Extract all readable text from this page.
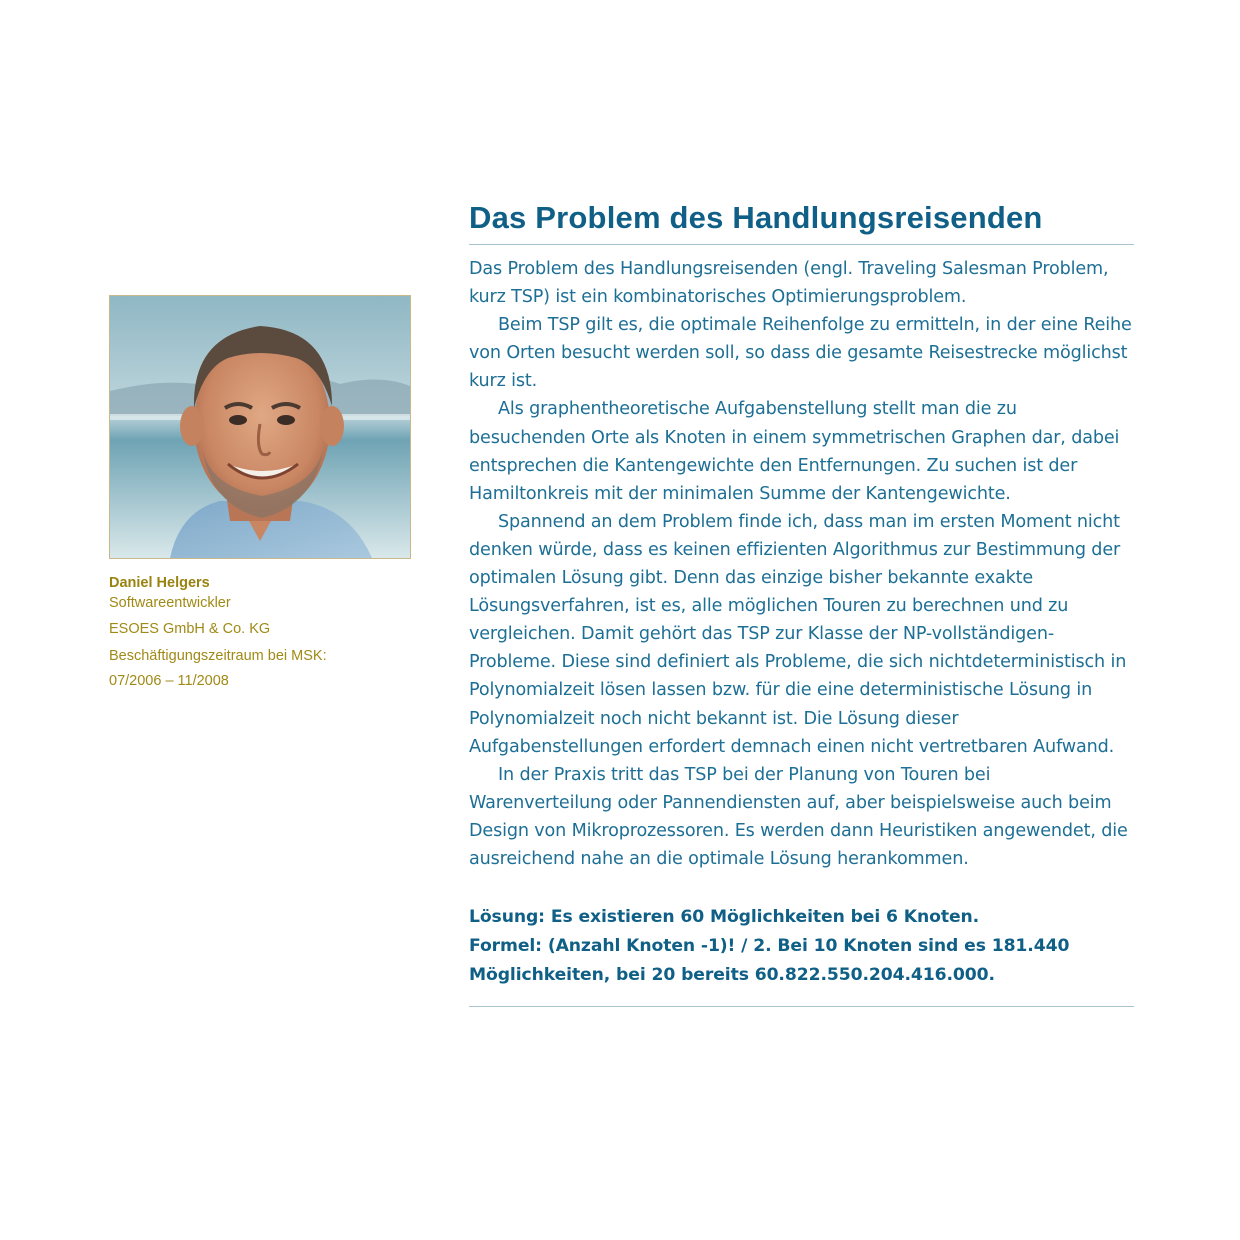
Daniel Helgers
Softwareentwickler
ESOES GmbH & Co. KG
Beschäftigungszeitraum bei MSK:
07/2006 – 11/2008
Das Problem des Handlungsreisenden

Das Problem des Handlungsreisenden (engl. Traveling Salesman Problem, kurz TSP) ist ein kombinatorisches Optimierungsproblem.

Beim TSP gilt es, die optimale Reihenfolge zu ermitteln, in der eine Reihe von Orten besucht werden soll, so dass die gesamte Reisestrecke möglichst kurz ist.

Als graphentheoretische Aufgabenstellung stellt man die zu besuchenden Orte als Knoten in einem symmetrischen Graphen dar, dabei entsprechen die Kantengewichte den Entfernungen. Zu suchen ist der Hamiltonkreis mit der minimalen Summe der Kantengewichte.

Spannend an dem Problem finde ich, dass man im ersten Moment nicht denken würde, dass es keinen effizienten Algorithmus zur Bestimmung der optimalen Lösung gibt. Denn das einzige bisher bekannte exakte Lösungsverfahren, ist es, alle möglichen Touren zu berechnen und zu vergleichen. Damit gehört das TSP zur Klasse der NP-vollständigen-Probleme. Diese sind definiert als Probleme, die sich nichtdeterministisch in Polynomialzeit lösen lassen bzw. für die eine deterministische Lösung in Polynomialzeit noch nicht bekannt ist. Die Lösung dieser Aufgabenstellungen erfordert demnach einen nicht vertretbaren Aufwand.

In der Praxis tritt das TSP bei der Planung von Touren bei Warenverteilung oder Pannendiensten auf, aber beispielsweise auch beim Design von Mikroprozessoren. Es werden dann Heuristiken angewendet, die ausreichend nahe an die optimale Lösung herankommen.

Lösung: Es existieren 60 Möglichkeiten bei 6 Knoten.
Formel: (Anzahl Knoten -1)! / 2. Bei 10 Knoten sind es 181.440 Möglichkeiten, bei 20 bereits 60.822.550.204.416.000.
